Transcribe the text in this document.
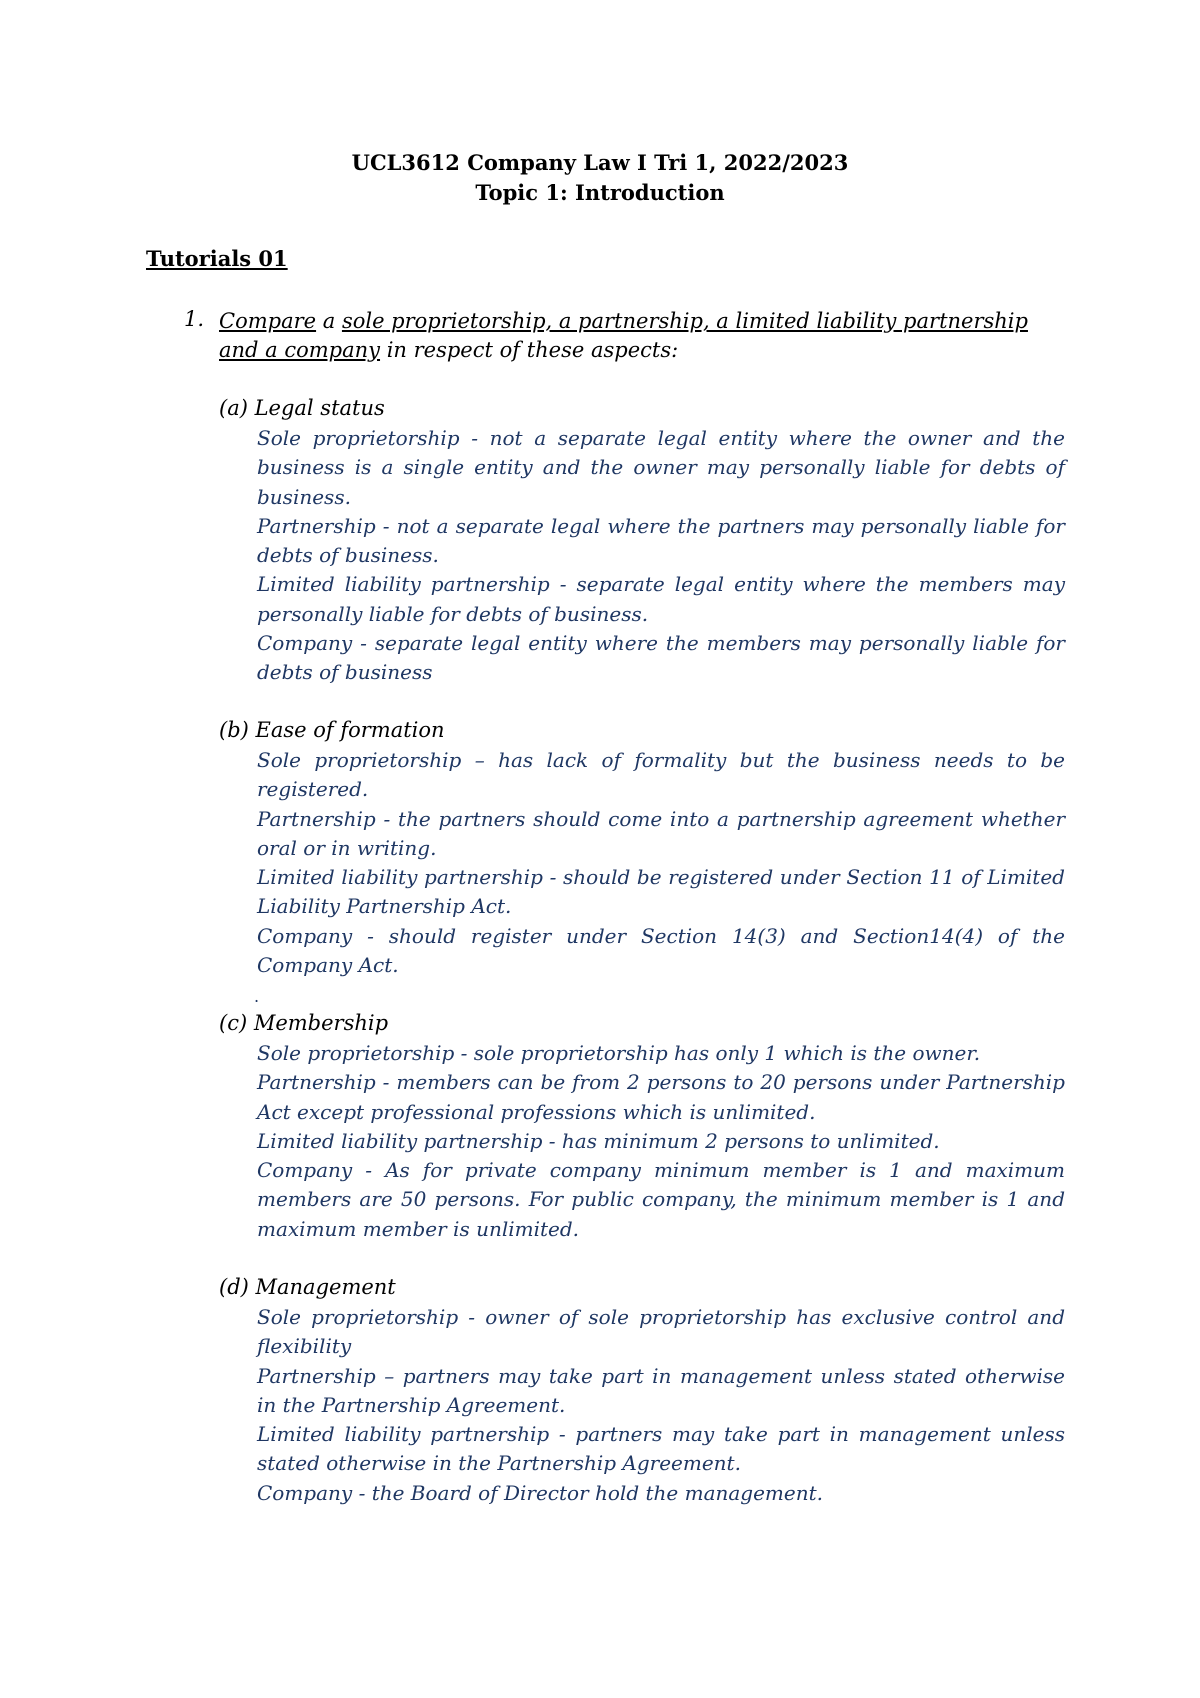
UCL3612 Company Law I Tri 1, 2022/2023
Topic 1: Introduction
Tutorials 01
1. Compare a sole proprietorship, a partnership, a limited liability partnership and a company in respect of these aspects:
(a) Legal status

Sole proprietorship - not a separate legal entity where the owner and the business is a single entity and the owner may personally liable for debts of business.

Partnership - not a separate legal where the partners may personally liable for debts of business.

Limited liability partnership - separate legal entity where the members may personally liable for debts of business.

Company - separate legal entity where the members may personally liable for debts of business

(b) Ease of formation

Sole proprietorship – has lack of formality but the business needs to be registered.

Partnership - the partners should come into a partnership agreement whether oral or in writing.

Limited liability partnership - should be registered under Section 11 of Limited Liability Partnership Act.

Company - should register under Section 14(3) and Section14(4) of the Company Act.

.
(c) Membership

Sole proprietorship - sole proprietorship has only 1 which is the owner.

Partnership - members can be from 2 persons to 20 persons under Partnership Act except professional professions which is unlimited.

Limited liability partnership - has minimum 2 persons to unlimited.

Company - As for private company minimum member is 1 and maximum members are 50 persons. For public company, the minimum member is 1 and maximum member is unlimited.

(d) Management

Sole proprietorship - owner of sole proprietorship has exclusive control and flexibility

Partnership – partners may take part in management unless stated otherwise in the Partnership Agreement.

Limited liability partnership - partners may take part in management unless stated otherwise in the Partnership Agreement.

Company - the Board of Director hold the management.
